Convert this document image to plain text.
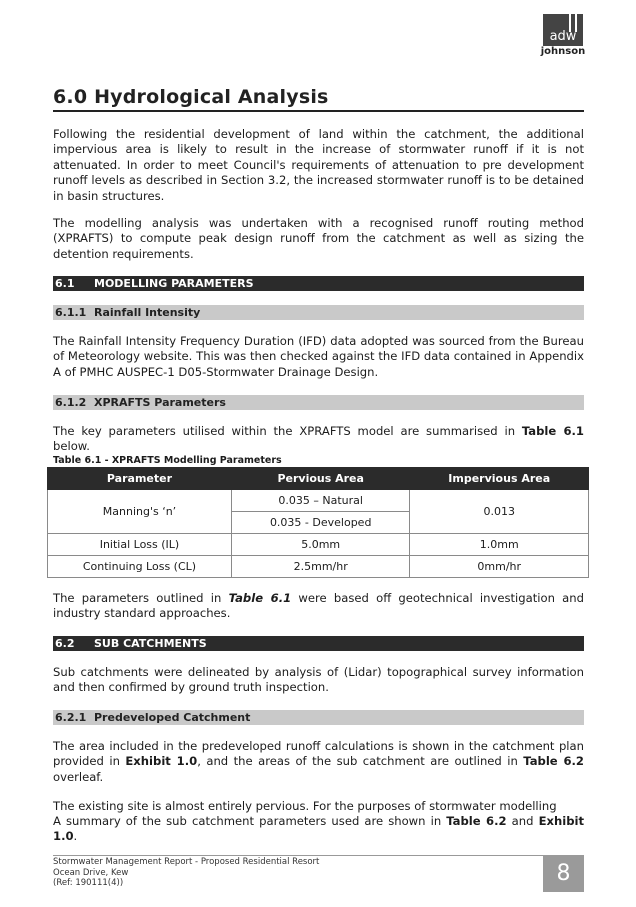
adw
johnson
6.0 Hydrological Analysis
Following the residential development of land within the catchment, the additional impervious area is likely to result in the increase of stormwater runoff if it is not attenuated. In order to meet Council's requirements of attenuation to pre development runoff levels as described in Section 3.2, the increased stormwater runoff is to be detained in basin structures.
The modelling analysis was undertaken with a recognised runoff routing method (XPRAFTS) to compute peak design runoff from the catchment as well as sizing the detention requirements.
6.1 MODELLING PARAMETERS
6.1.1 Rainfall Intensity
The Rainfall Intensity Frequency Duration (IFD) data adopted was sourced from the Bureau of Meteorology website. This was then checked against the IFD data contained in Appendix A of PMHC AUSPEC-1 D05-Stormwater Drainage Design.
6.1.2 XPRAFTS Parameters
The key parameters utilised within the XPRAFTS model are summarised in Table 6.1 below.
Table 6.1 - XPRAFTS Modelling Parameters
Parameter	Pervious Area	Impervious Area
Manning's ‘n’	0.035 – Natural	0.013
	0.035 - Developed	
Initial Loss (IL)	5.0mm	1.0mm
Continuing Loss (CL)	2.5mm/hr	0mm/hr
The parameters outlined in Table 6.1 were based off geotechnical investigation and industry standard approaches.
6.2 SUB CATCHMENTS
Sub catchments were delineated by analysis of (Lidar) topographical survey information and then confirmed by ground truth inspection.
6.2.1 Predeveloped Catchment
The area included in the predeveloped runoff calculations is shown in the catchment plan provided in Exhibit 1.0, and the areas of the sub catchment are outlined in Table 6.2 overleaf.
The existing site is almost entirely pervious. For the purposes of stormwater modelling
A summary of the sub catchment parameters used are shown in Table 6.2 and Exhibit 1.0.
Stormwater Management Report - Proposed Residential Resort
Ocean Drive, Kew
(Ref: 190111(4))	8
